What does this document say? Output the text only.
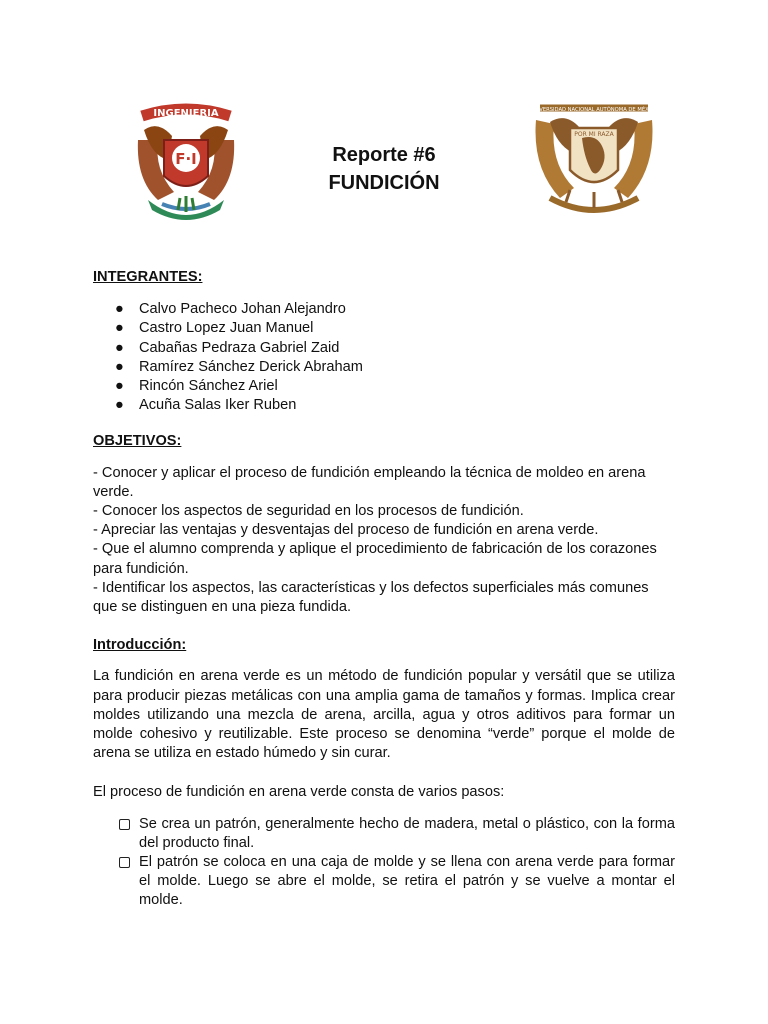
INGENIERIA
F·I	Reporte #6
FUNDICIÓN
UNIVERSIDAD NACIONAL AUTÓNOMA DE MÉXICO
POR MI RAZA

INTEGRANTES:

● Calvo Pacheco Johan Alejandro
● Castro Lopez Juan Manuel
● Cabañas Pedraza Gabriel Zaid
● Ramírez Sánchez Derick Abraham
● Rincón Sánchez Ariel
● Acuña Salas Iker Ruben

OBJETIVOS:

- Conocer y aplicar el proceso de fundición empleando la técnica de moldeo en arena verde.
- Conocer los aspectos de seguridad en los procesos de fundición.
- Apreciar las ventajas y desventajas del proceso de fundición en arena verde.
- Que el alumno comprenda y aplique el procedimiento de fabricación de los corazones para fundición.
- Identificar los aspectos, las características y los defectos superficiales más comunes que se distinguen en una pieza fundida.

Introducción:

La fundición en arena verde es un método de fundición popular y versátil que se utiliza para producir piezas metálicas con una amplia gama de tamaños y formas. Implica crear moldes utilizando una mezcla de arena, arcilla, agua y otros aditivos para formar un molde cohesivo y reutilizable. Este proceso se denomina “verde” porque el molde de arena se utiliza en estado húmedo y sin curar.

El proceso de fundición en arena verde consta de varios pasos:

Se crea un patrón, generalmente hecho de madera, metal o plástico, con la forma del producto final.
El patrón se coloca en una caja de molde y se llena con arena verde para formar el molde. Luego se abre el molde, se retira el patrón y se vuelve a montar el molde.
